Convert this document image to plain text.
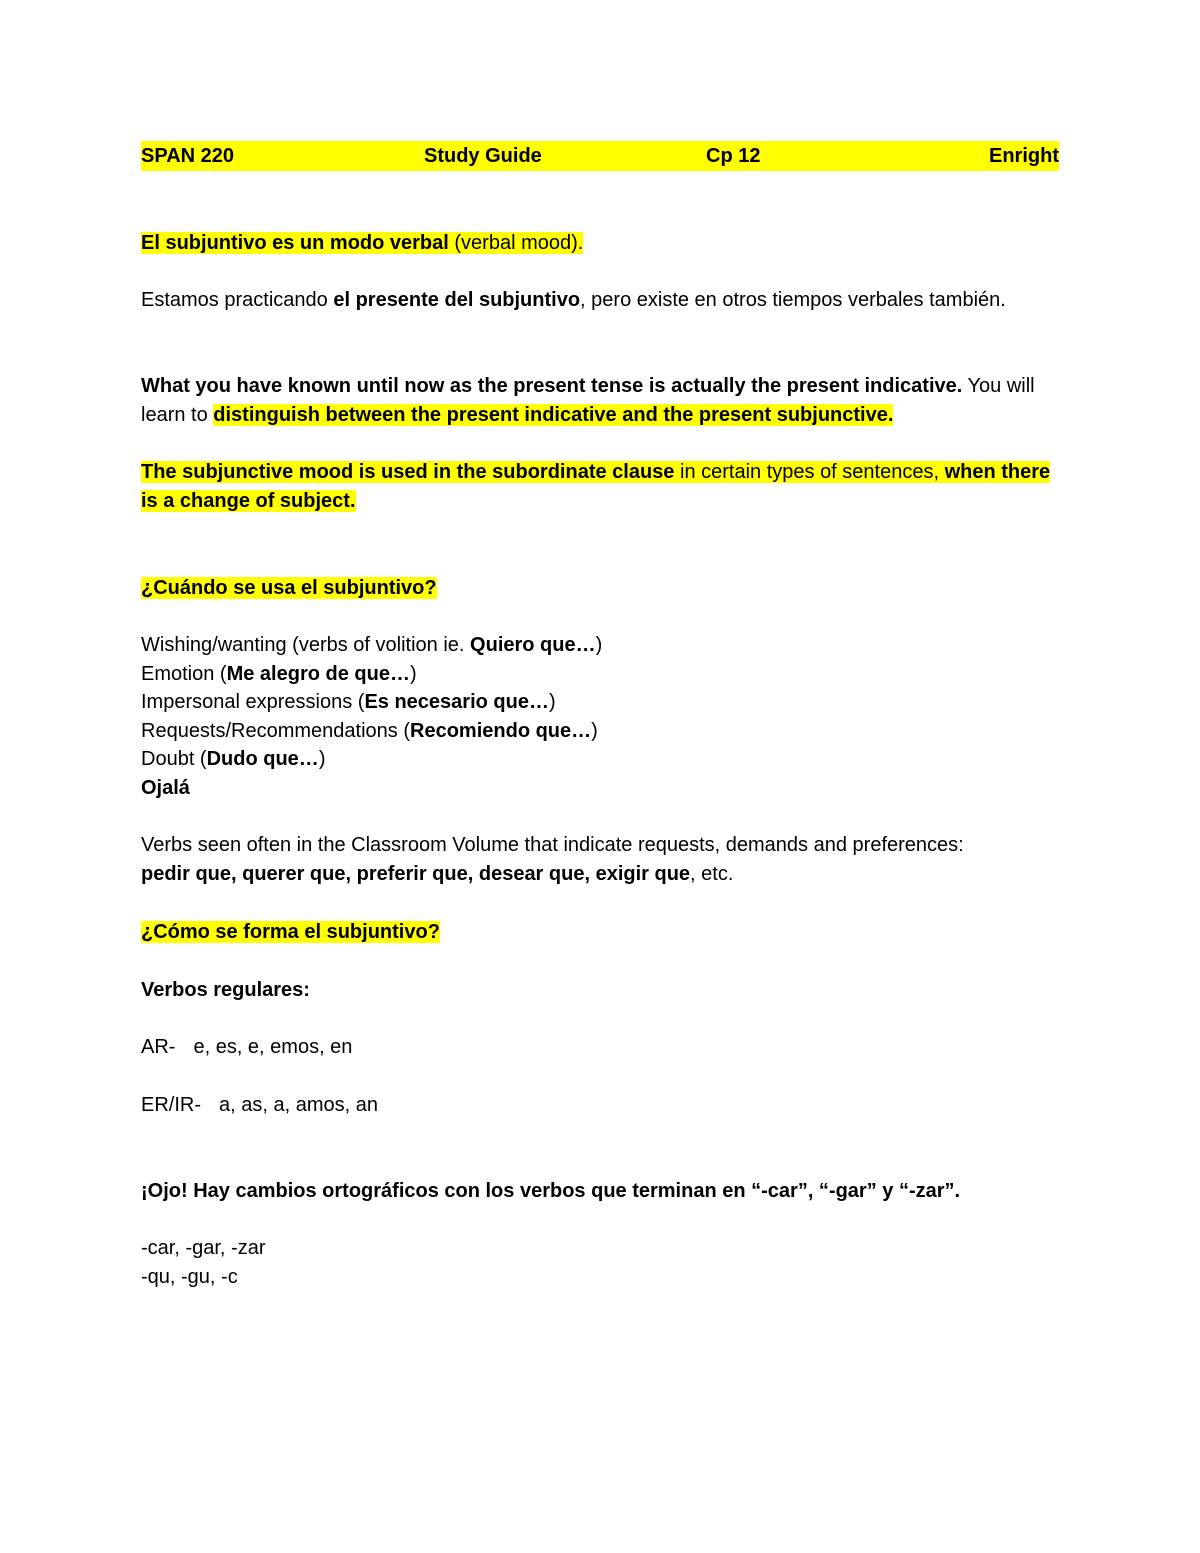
SPAN 220	Study Guide	Cp 12	Enright
El subjuntivo es un modo verbal (verbal mood).
Estamos practicando el presente del subjuntivo, pero existe en otros tiempos verbales también.
What you have known until now as the present tense is actually the present indicative. You will learn to distinguish between the present indicative and the present subjunctive.
The subjunctive mood is used in the subordinate clause in certain types of sentences, when there is a change of subject.
¿Cuándo se usa el subjuntivo?
Wishing/wanting (verbs of volition ie. Quiero que…)
Emotion (Me alegro de que…)
Impersonal expressions (Es necesario que…)
Requests/Recommendations (Recomiendo que…)
Doubt (Dudo que…)
Ojalá
Verbs seen often in the Classroom Volume that indicate requests, demands and preferences:
pedir que, querer que, preferir que, desear que, exigir que, etc.
¿Cómo se forma el subjuntivo?
Verbos regulares:
AR- e, es, e, emos, en
ER/IR- a, as, a, amos, an
¡Ojo! Hay cambios ortográficos con los verbos que terminan en “-car”, “-gar” y “-zar”.
-car, -gar, -zar
-qu, -gu, -c
